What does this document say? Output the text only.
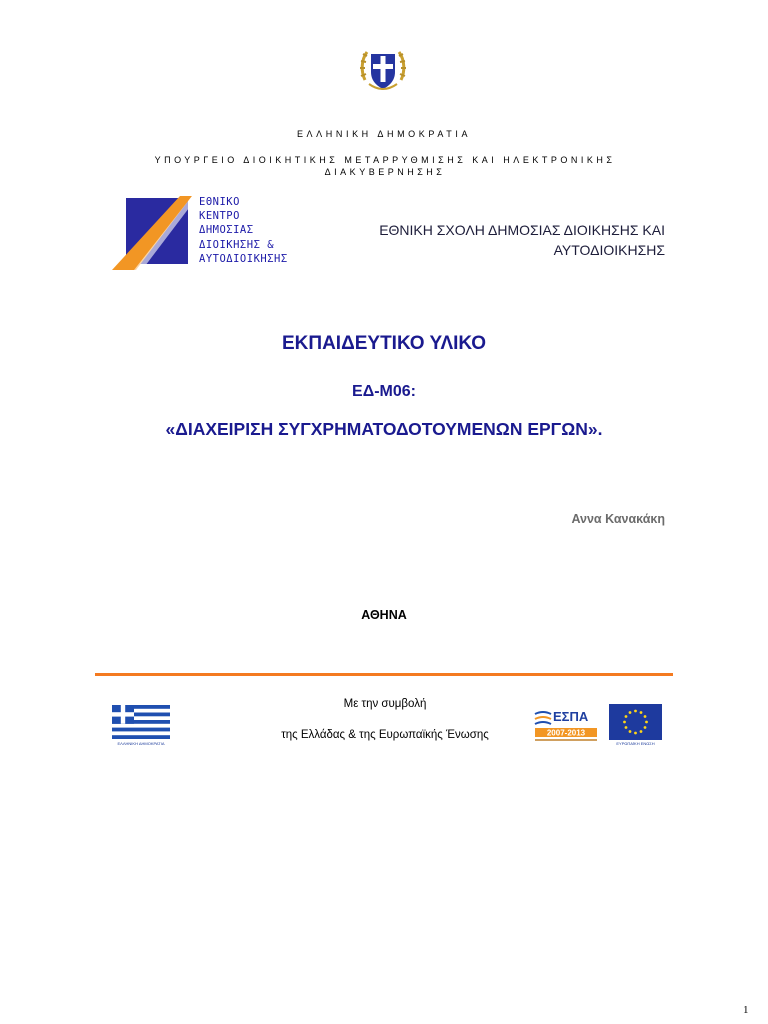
ΕΛΛΗΝΙΚΗ ΔΗΜΟΚΡΑΤΙΑ
ΥΠΟΥΡΓΕΙΟ ΔΙΟΙΚΗΤΙΚΗΣ ΜΕΤΑΡΡΥΘΜΙΣΗΣ ΚΑΙ ΗΛΕΚΤΡΟΝΙΚΗΣ ΔΙΑΚΥΒΕΡΝΗΣΗΣ
ΕΘΝΙΚΟ
ΚΕΝΤΡΟ
ΔΗΜΟΣΙΑΣ
ΔΙΟΙΚΗΣΗΣ &
ΑΥΤΟΔΙΟΙΚΗΣΗΣ
ΕΘΝΙΚΗ ΣΧΟΛΗ ΔΗΜΟΣΙΑΣ ΔΙΟΙΚΗΣΗΣ ΚΑΙ
ΑΥΤΟΔΙΟΙΚΗΣΗΣ
ΕΚΠΑΙΔΕΥΤΙΚΟ ΥΛΙΚΟ
ΕΔ-Μ06:
«ΔΙΑΧΕΙΡΙΣΗ ΣΥΓΧΡΗΜΑΤΟΔΟΤΟΥΜΕΝΩΝ ΕΡΓΩΝ».
Αννα Κανακάκη
ΑΘΗΝΑ
ΕΛΛΗΝΙΚΗ ΔΗΜΟΚΡΑΤΙΑ
Με την συμβολή
της Ελλάδας & της Ευρωπαϊκής Ένωσης
ΕΣΠΑ
2007-2013
ΕΥΡΩΠΑΪΚΗ ΕΝΩΣΗ
1
